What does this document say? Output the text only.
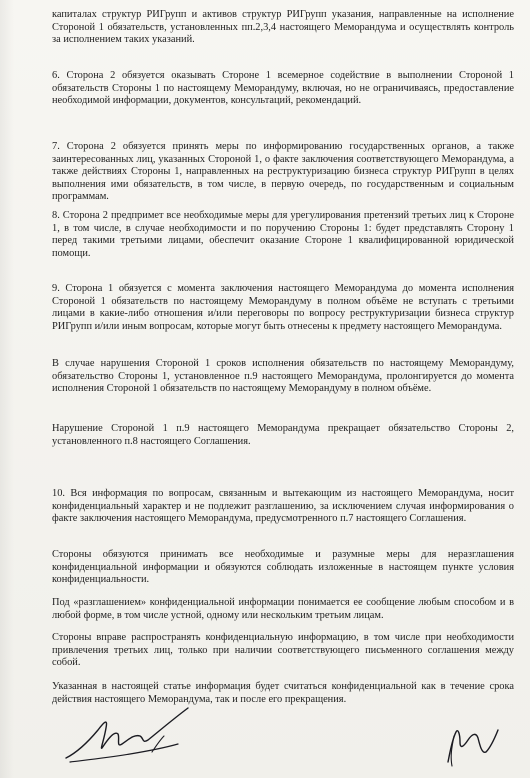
капиталах структур РИГрупп и активов структур РИГрупп указания, направленные на исполнение Стороной 1 обязательств, установленных пп.2,3,4 настоящего Меморандума и осуществлять контроль за исполнением таких указаний.

6. Сторона 2 обязуется оказывать Стороне 1 всемерное содействие в выполнении Стороной 1 обязательств Стороны 1 по настоящему Меморандуму, включая, но не ограничиваясь, предоставление необходимой информации, документов, консультаций, рекомендаций.

7. Сторона 2 обязуется принять меры по информированию государственных органов, а также заинтересованных лиц, указанных Стороной 1, о факте заключения соответствующего Меморандума, а также действиях Стороны 1, направленных на реструктуризацию бизнеса структур РИГрупп в целях выполнения ими обязательств, в том числе, в первую очередь, по государственным и социальным программам.

8. Сторона 2 предпримет все необходимые меры для урегулирования претензий третьих лиц к Стороне 1, в том числе, в случае необходимости и по поручению Стороны 1: будет представлять Сторону 1 перед такими третьими лицами, обеспечит оказание Стороне 1 квалифицированной юридической помощи.

9. Сторона 1 обязуется с момента заключения настоящего Меморандума до момента исполнения Стороной 1 обязательств по настоящему Меморандуму в полном объёме не вступать с третьими лицами в какие-либо отношения и/или переговоры по вопросу реструктуризации бизнеса структур РИГрупп и/или иным вопросам, которые могут быть отнесены к предмету настоящего Меморандума.

В случае нарушения Стороной 1 сроков исполнения обязательств по настоящему Меморандуму, обязательство Стороны 1, установленное п.9 настоящего Меморандума, пролонгируется до момента исполнения Стороной 1 обязательств по настоящему Меморандуму в полном объёме.

Нарушение Стороной 1 п.9 настоящего Меморандума прекращает обязательство Стороны 2, установленного п.8 настоящего Соглашения.

10. Вся информация по вопросам, связанным и вытекающим из настоящего Меморандума, носит конфиденциальный характер и не подлежит разглашению, за исключением случая информирования о факте заключения настоящего Меморандума, предусмотренного п.7 настоящего Соглашения.

Стороны обязуются принимать все необходимые и разумные меры для неразглашения конфиденциальной информации и обязуются соблюдать изложенные в настоящем пункте условия конфиденциальности.

Под «разглашением» конфиденциальной информации понимается ее сообщение любым способом и в любой форме, в том числе устной, одному или нескольким третьим лицам.

Стороны вправе распространять конфиденциальную информацию, в том числе при необходимости привлечения третьих лиц, только при наличии соответствующего письменного соглашения между собой.

Указанная в настоящей статье информация будет считаться конфиденциальной как в течение срока действия настоящего Меморандума, так и после его прекращения.
